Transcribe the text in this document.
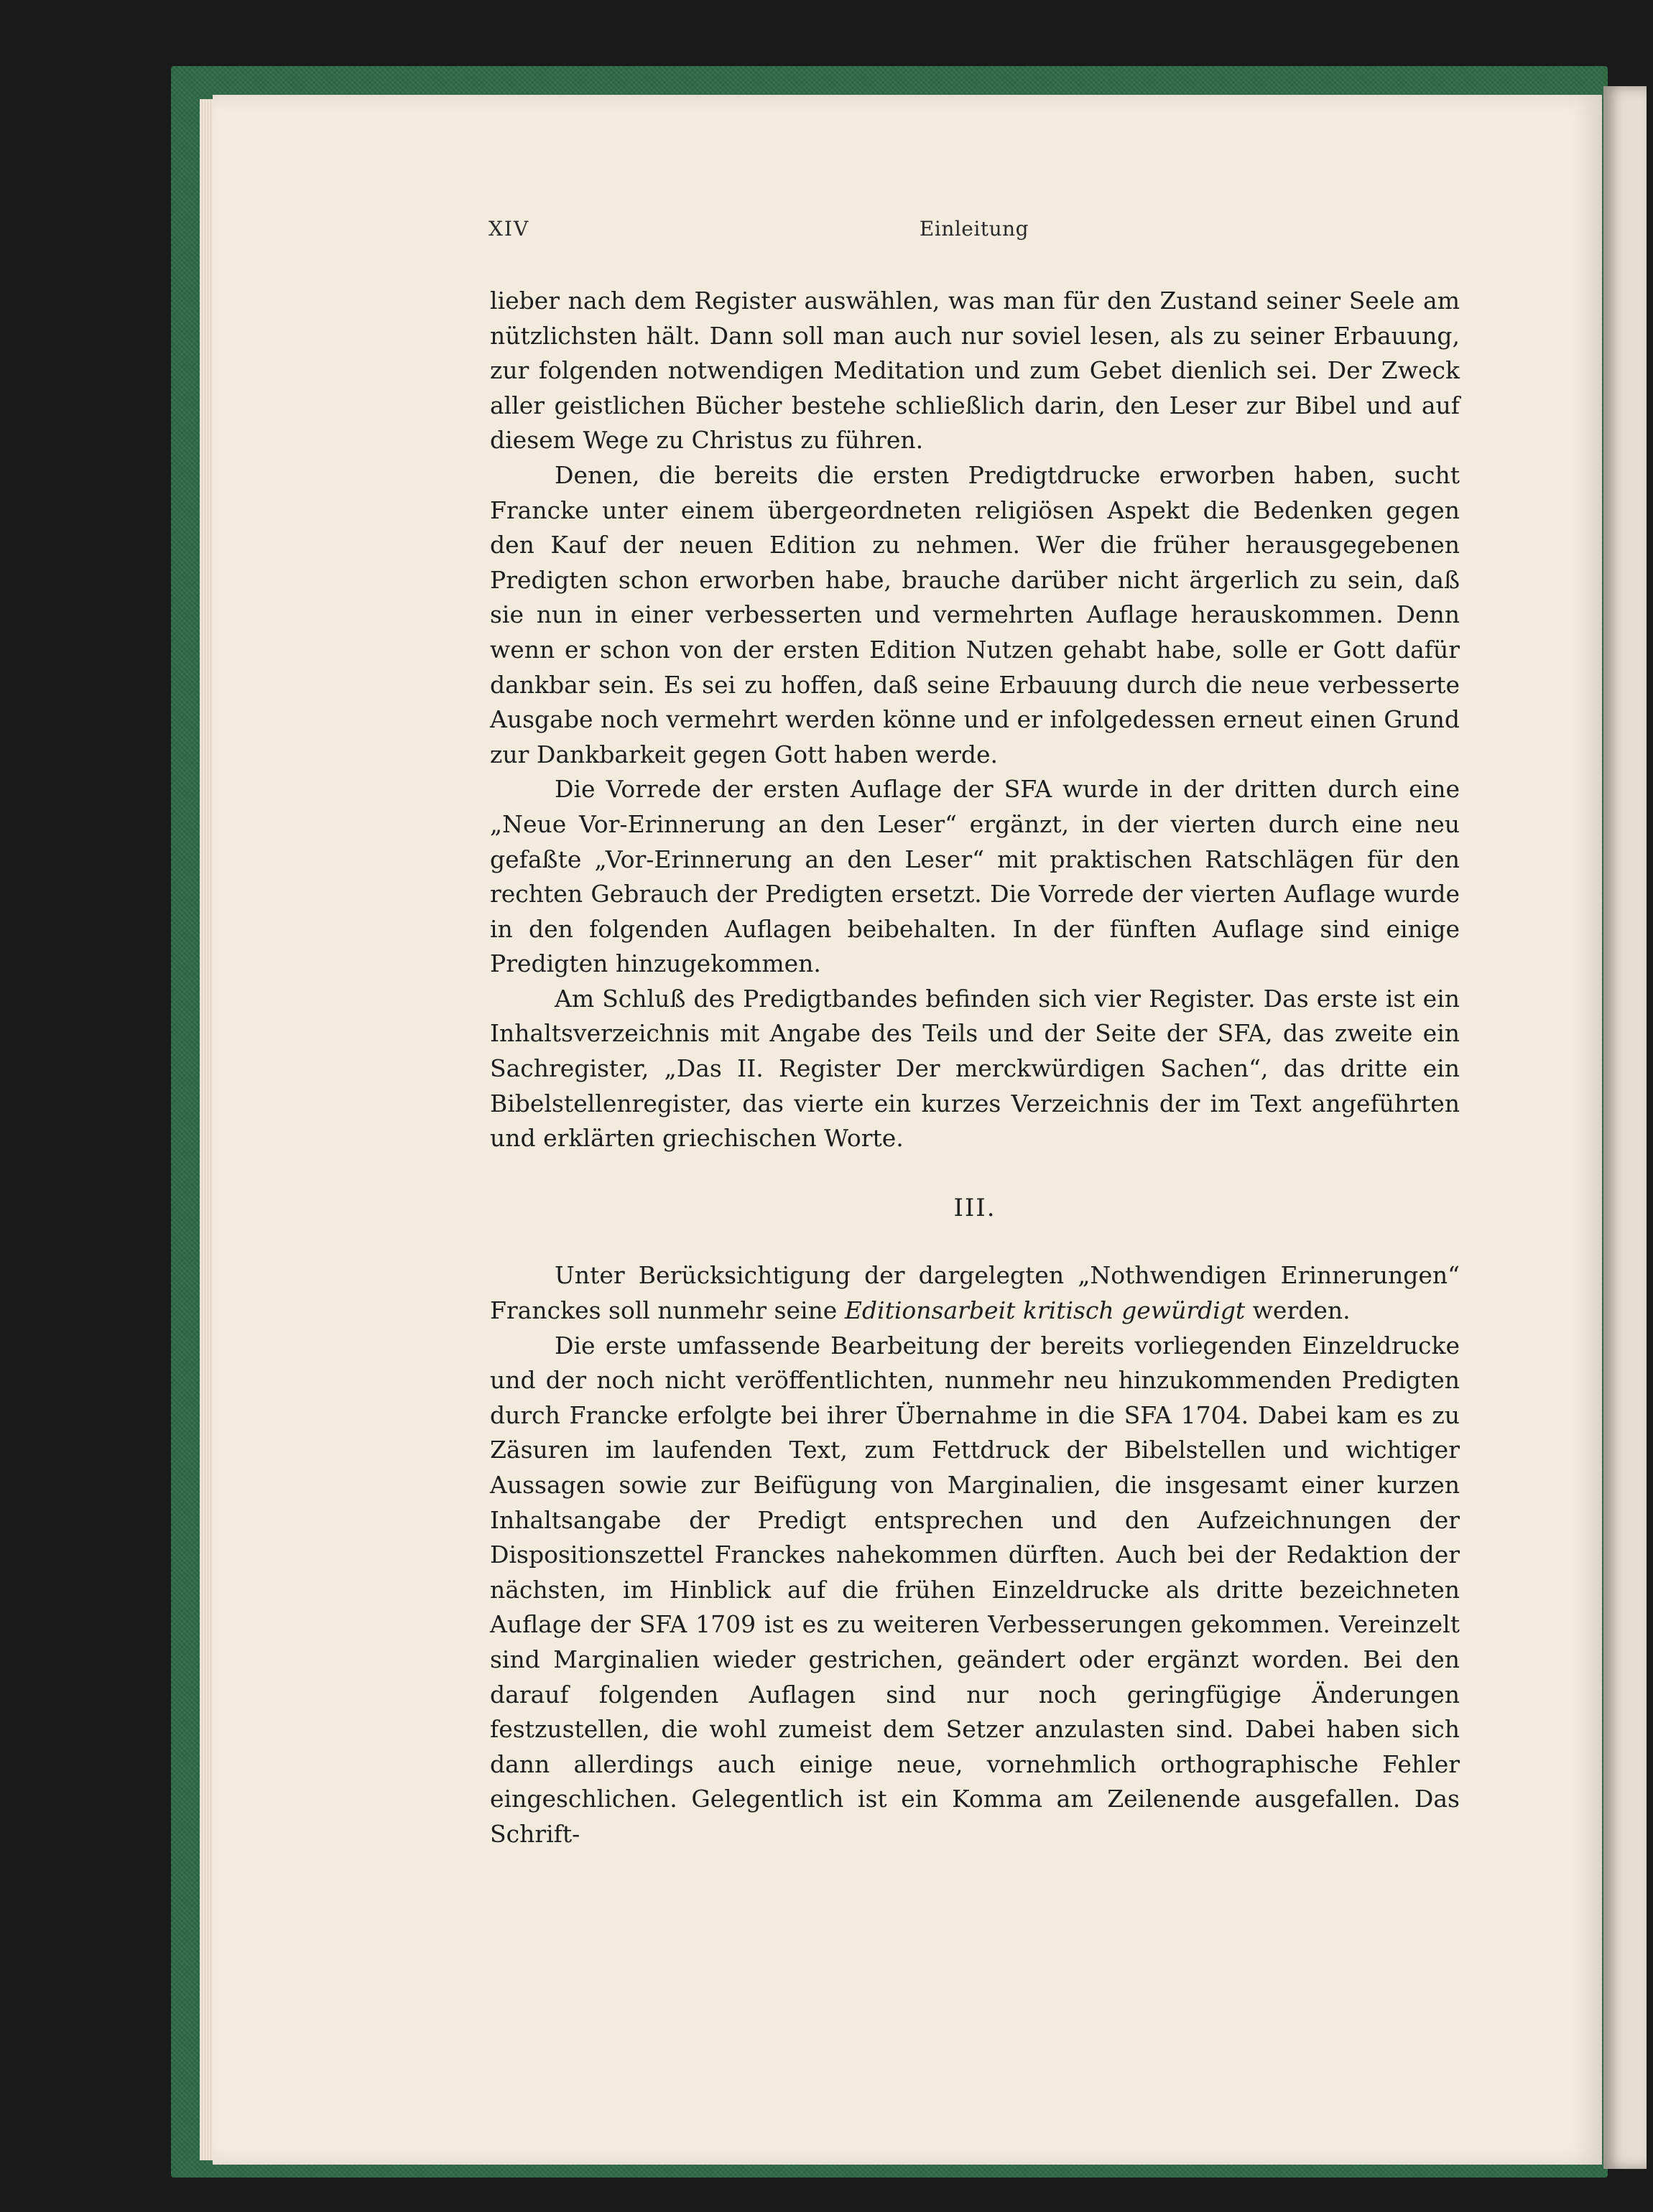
XIV	Einleitung

lieber nach dem Register auswählen, was man für den Zustand seiner Seele am nützlichsten hält. Dann soll man auch nur soviel lesen, als zu seiner Erbauung, zur folgenden notwendigen Meditation und zum Gebet dienlich sei. Der Zweck aller geistlichen Bücher bestehe schließlich darin, den Leser zur Bibel und auf diesem Wege zu Christus zu führen.

Denen, die bereits die ersten Predigtdrucke erworben haben, sucht Francke unter einem übergeordneten religiösen Aspekt die Bedenken gegen den Kauf der neuen Edition zu nehmen. Wer die früher herausgegebenen Predigten schon erworben habe, brauche darüber nicht ärgerlich zu sein, daß sie nun in einer verbesserten und vermehrten Auflage herauskommen. Denn wenn er schon von der ersten Edition Nutzen gehabt habe, solle er Gott dafür dankbar sein. Es sei zu hoffen, daß seine Erbauung durch die neue verbesserte Ausgabe noch vermehrt werden könne und er infolgedessen erneut einen Grund zur Dankbarkeit gegen Gott haben werde.

Die Vorrede der ersten Auflage der SFA wurde in der dritten durch eine „Neue Vor-Erinnerung an den Leser“ ergänzt, in der vierten durch eine neu gefaßte „Vor-Erinnerung an den Leser“ mit praktischen Ratschlägen für den rechten Gebrauch der Predigten ersetzt. Die Vorrede der vierten Auflage wurde in den folgenden Auflagen beibehalten. In der fünften Auflage sind einige Predigten hinzugekommen.

Am Schluß des Predigtbandes befinden sich vier Register. Das erste ist ein Inhaltsverzeichnis mit Angabe des Teils und der Seite der SFA, das zweite ein Sachregister, „Das II. Register Der merckwürdigen Sachen“, das dritte ein Bibelstellenregister, das vierte ein kurzes Verzeichnis der im Text angeführten und erklärten griechischen Worte.

III.

Unter Berücksichtigung der dargelegten „Nothwendigen Erinnerungen“ Franckes soll nunmehr seine Editionsarbeit kritisch gewürdigt werden.

Die erste umfassende Bearbeitung der bereits vorliegenden Einzeldrucke und der noch nicht veröffentlichten, nunmehr neu hinzukommenden Predigten durch Francke erfolgte bei ihrer Übernahme in die SFA 1704. Dabei kam es zu Zäsuren im laufenden Text, zum Fettdruck der Bibelstellen und wichtiger Aussagen sowie zur Beifügung von Marginalien, die insgesamt einer kurzen Inhaltsangabe der Predigt entsprechen und den Aufzeichnungen der Dispositionszettel Franckes nahekommen dürften. Auch bei der Redaktion der nächsten, im Hinblick auf die frühen Einzeldrucke als dritte bezeichneten Auflage der SFA 1709 ist es zu weiteren Verbesserungen gekommen. Vereinzelt sind Marginalien wieder gestrichen, geändert oder ergänzt worden. Bei den darauf folgenden Auflagen sind nur noch geringfügige Änderungen festzustellen, die wohl zumeist dem Setzer anzulasten sind. Dabei haben sich dann allerdings auch einige neue, vornehmlich orthographische Fehler eingeschlichen. Gelegentlich ist ein Komma am Zeilenende ausgefallen. Das Schrift-
